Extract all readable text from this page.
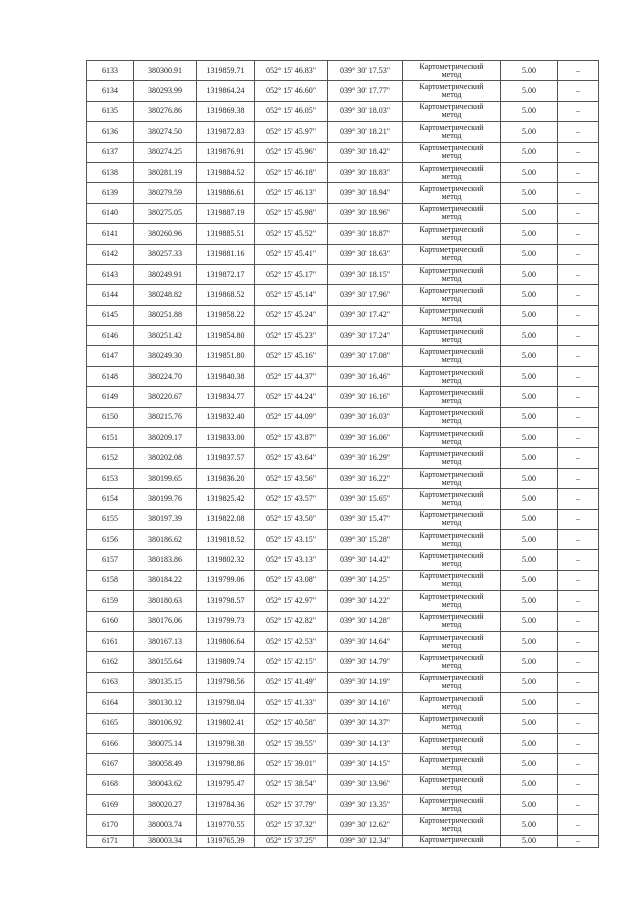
6133	380300.91	1319859.71	052° 15' 46.83"	039° 30' 17.53"	Картометрический
метод	5.00	–
6134	380293.99	1319864.24	052° 15' 46.60"	039° 30' 17.77"	Картометрический
метод	5.00	–
6135	380276.86	1319869.38	052° 15' 46.05"	039° 30' 18.03"	Картометрический
метод	5.00	–
6136	380274.50	1319872.83	052° 15' 45.97"	039° 30' 18.21"	Картометрический
метод	5.00	–
6137	380274.25	1319876.91	052° 15' 45.96"	039° 30' 18.42"	Картометрический
метод	5.00	–
6138	380281.19	1319884.52	052° 15' 46.18"	039° 30' 18.83"	Картометрический
метод	5.00	–
6139	380279.59	1319886.61	052° 15' 46.13"	039° 30' 18.94"	Картометрический
метод	5.00	–
6140	380275.05	1319887.19	052° 15' 45.98"	039° 30' 18.96"	Картометрический
метод	5.00	–
6141	380260.96	1319885.51	052° 15' 45.52"	039° 30' 18.87"	Картометрический
метод	5.00	–
6142	380257.33	1319881.16	052° 15' 45.41"	039° 30' 18.63"	Картометрический
метод	5.00	–
6143	380249.91	1319872.17	052° 15' 45.17"	039° 30' 18.15"	Картометрический
метод	5.00	–
6144	380248.82	1319868.52	052° 15' 45.14"	039° 30' 17.96"	Картометрический
метод	5.00	–
6145	380251.88	1319858.22	052° 15' 45.24"	039° 30' 17.42"	Картометрический
метод	5.00	–
6146	380251.42	1319854.80	052° 15' 45.23"	039° 30' 17.24"	Картометрический
метод	5.00	–
6147	380249.30	1319851.80	052° 15' 45.16"	039° 30' 17.08"	Картометрический
метод	5.00	–
6148	380224.70	1319840.38	052° 15' 44.37"	039° 30' 16.46"	Картометрический
метод	5.00	–
6149	380220.67	1319834.77	052° 15' 44.24"	039° 30' 16.16"	Картометрический
метод	5.00	–
6150	380215.76	1319832.40	052° 15' 44.09"	039° 30' 16.03"	Картометрический
метод	5.00	–
6151	380209.17	1319833.00	052° 15' 43.87"	039° 30' 16.06"	Картометрический
метод	5.00	–
6152	380202.08	1319837.57	052° 15' 43.64"	039° 30' 16.29"	Картометрический
метод	5.00	–
6153	380199.65	1319836.20	052° 15' 43.56"	039° 30' 16.22"	Картометрический
метод	5.00	–
6154	380199.76	1319825.42	052° 15' 43.57"	039° 30' 15.65"	Картометрический
метод	5.00	–
6155	380197.39	1319822.08	052° 15' 43.50"	039° 30' 15.47"	Картометрический
метод	5.00	–
6156	380186.62	1319818.52	052° 15' 43.15"	039° 30' 15.28"	Картометрический
метод	5.00	–
6157	380183.86	1319802.32	052° 15' 43.13"	039° 30' 14.42"	Картометрический
метод	5.00	–
6158	380184.22	1319799.06	052° 15' 43.08"	039° 30' 14.25"	Картометрический
метод	5.00	–
6159	380180.63	1319798.57	052° 15' 42.97"	039° 30' 14.22"	Картометрический
метод	5.00	–
6160	380176.06	1319799.73	052° 15' 42.82"	039° 30' 14.28"	Картометрический
метод	5.00	–
6161	380167.13	1319806.64	052° 15' 42.53"	039° 30' 14.64"	Картометрический
метод	5.00	–
6162	380155.64	1319809.74	052° 15' 42.15"	039° 30' 14.79"	Картометрический
метод	5.00	–
6163	380135.15	1319798.56	052° 15' 41.49"	039° 30' 14.19"	Картометрический
метод	5.00	–
6164	380130.12	1319798.04	052° 15' 41.33"	039° 30' 14.16"	Картометрический
метод	5.00	–
6165	380106.92	1319802.41	052° 15' 40.58"	039° 30' 14.37"	Картометрический
метод	5.00	–
6166	380075.14	1319798.38	052° 15' 39.55"	039° 30' 14.13"	Картометрический
метод	5.00	–
6167	380058.49	1319798.86	052° 15' 39.01"	039° 30' 14.15"	Картометрический
метод	5.00	–
6168	380043.62	1319795.47	052° 15' 38.54"	039° 30' 13.96"	Картометрический
метод	5.00	–
6169	380020.27	1319784.36	052° 15' 37.79"	039° 30' 13.35"	Картометрический
метод	5.00	–
6170	380003.74	1319770.55	052° 15' 37.32"	039° 30' 12.62"	Картометрический
метод	5.00	–
6171	380003.34	1319765.39	052° 15' 37.25"	039° 30' 12.34"	Картометрический	5.00	–
